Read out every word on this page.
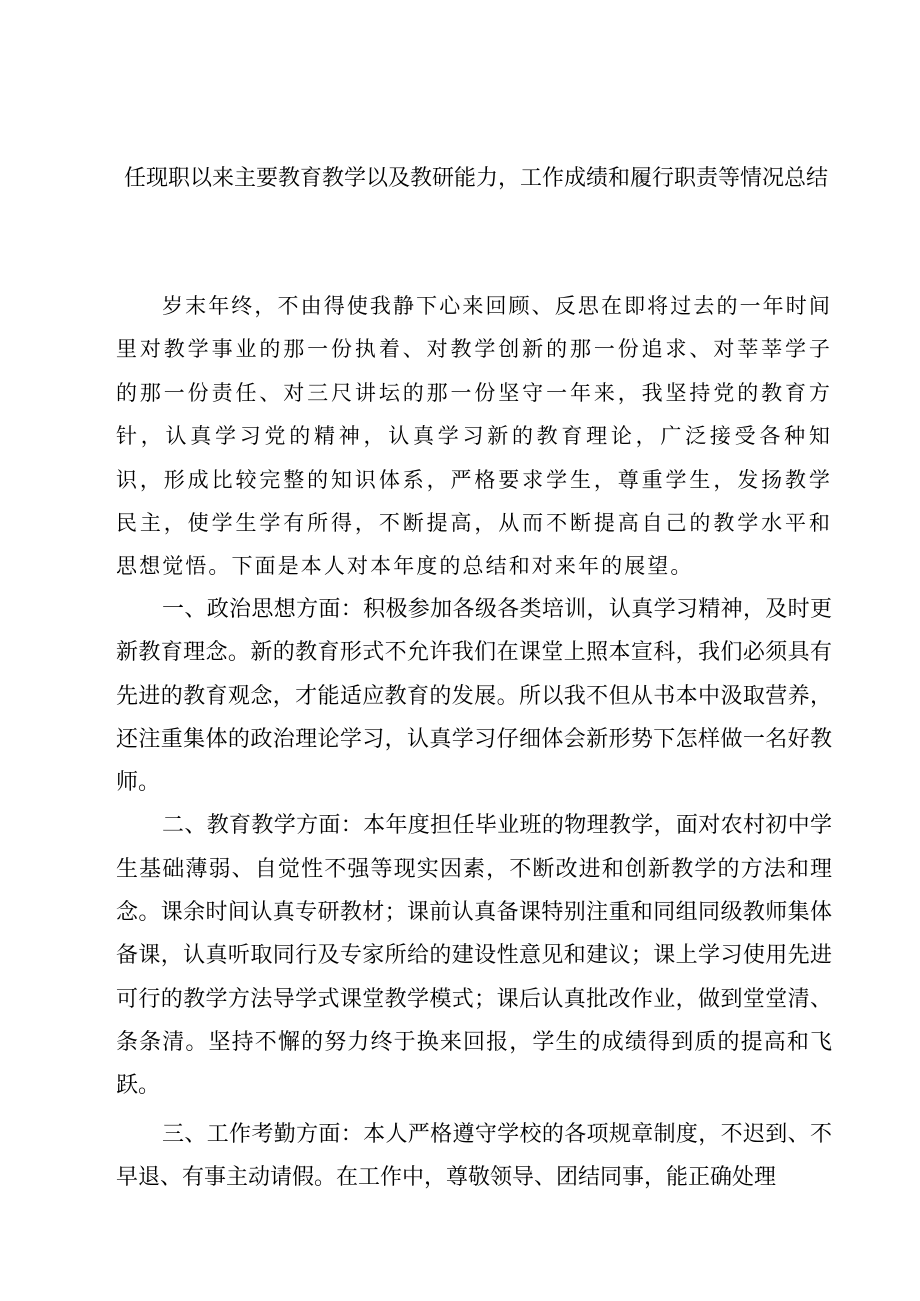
任现职以来主要教育教学以及教研能力，工作成绩和履行职责等情况总结

岁末年终，不由得使我静下心来回顾、反思在即将过去的一年时间里对教学事业的那一份执着、对教学创新的那一份追求、对莘莘学子的那一份责任、对三尺讲坛的那一份坚守一年来，我坚持党的教育方针，认真学习党的精神，认真学习新的教育理论，广泛接受各种知识，形成比较完整的知识体系，严格要求学生，尊重学生，发扬教学民主，使学生学有所得，不断提高，从而不断提高自己的教学水平和思想觉悟。下面是本人对本年度的总结和对来年的展望。

一、政治思想方面：积极参加各级各类培训，认真学习精神，及时更新教育理念。新的教育形式不允许我们在课堂上照本宣科，我们必须具有先进的教育观念，才能适应教育的发展。所以我不但从书本中汲取营养，还注重集体的政治理论学习，认真学习仔细体会新形势下怎样做一名好教师。

二、教育教学方面：本年度担任毕业班的物理教学，面对农村初中学生基础薄弱、自觉性不强等现实因素，不断改进和创新教学的方法和理念。课余时间认真专研教材；课前认真备课特别注重和同组同级教师集体备课，认真听取同行及专家所给的建设性意见和建议；课上学习使用先进可行的教学方法导学式课堂教学模式；课后认真批改作业，做到堂堂清、条条清。坚持不懈的努力终于换来回报，学生的成绩得到质的提高和飞跃。

三、工作考勤方面：本人严格遵守学校的各项规章制度，不迟到、不早退、有事主动请假。在工作中，尊敬领导、团结同事，能正确处理
